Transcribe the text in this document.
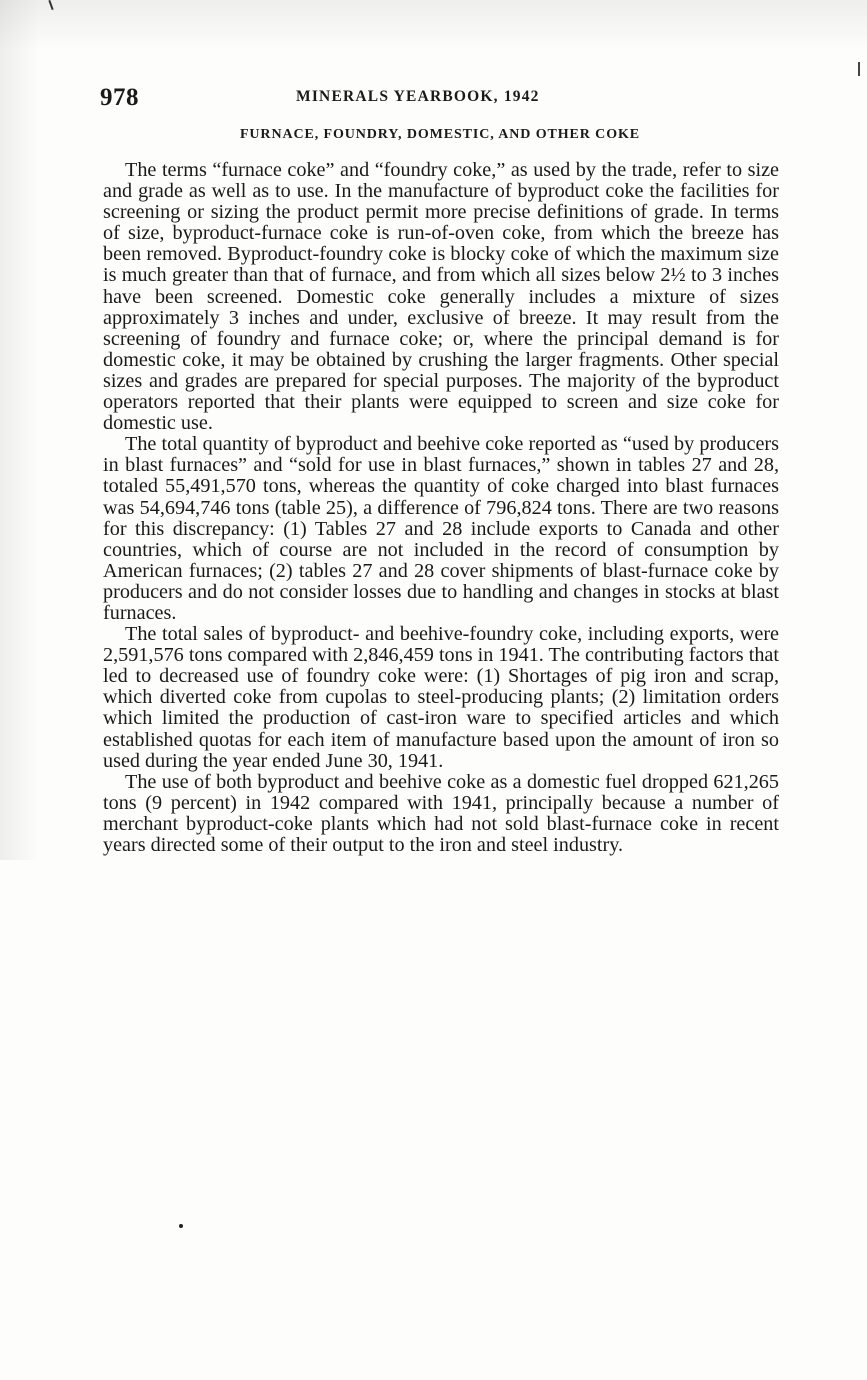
978	MINERALS YEARBOOK, 1942
FURNACE, FOUNDRY, DOMESTIC, AND OTHER COKE

The terms “furnace coke” and “foundry coke,” as used by the trade, refer to size and grade as well as to use. In the manufacture of byproduct coke the facilities for screening or sizing the product permit more precise definitions of grade. In terms of size, byproduct-furnace coke is run-of-oven coke, from which the breeze has been removed. Byproduct-foundry coke is blocky coke of which the maximum size is much greater than that of furnace, and from which all sizes below 2½ to 3 inches have been screened. Domestic coke generally includes a mixture of sizes approximately 3 inches and under, exclusive of breeze. It may result from the screening of foundry and furnace coke; or, where the principal demand is for domestic coke, it may be obtained by crushing the larger fragments. Other special sizes and grades are prepared for special purposes. The majority of the byproduct operators reported that their plants were equipped to screen and size coke for domestic use.

The total quantity of byproduct and beehive coke reported as “used by producers in blast furnaces” and “sold for use in blast furnaces,” shown in tables 27 and 28, totaled 55,491,570 tons, whereas the quantity of coke charged into blast furnaces was 54,694,746 tons (table 25), a difference of 796,824 tons. There are two reasons for this discrepancy: (1) Tables 27 and 28 include exports to Canada and other countries, which of course are not included in the record of consumption by American furnaces; (2) tables 27 and 28 cover shipments of blast-furnace coke by producers and do not consider losses due to handling and changes in stocks at blast furnaces.

The total sales of byproduct- and beehive-foundry coke, including exports, were 2,591,576 tons compared with 2,846,459 tons in 1941. The contributing factors that led to decreased use of foundry coke were: (1) Shortages of pig iron and scrap, which diverted coke from cupolas to steel-producing plants; (2) limitation orders which limited the production of cast-iron ware to specified articles and which established quotas for each item of manufacture based upon the amount of iron so used during the year ended June 30, 1941.

The use of both byproduct and beehive coke as a domestic fuel dropped 621,265 tons (9 percent) in 1942 compared with 1941, principally because a number of merchant byproduct-coke plants which had not sold blast-furnace coke in recent years directed some of their output to the iron and steel industry.
